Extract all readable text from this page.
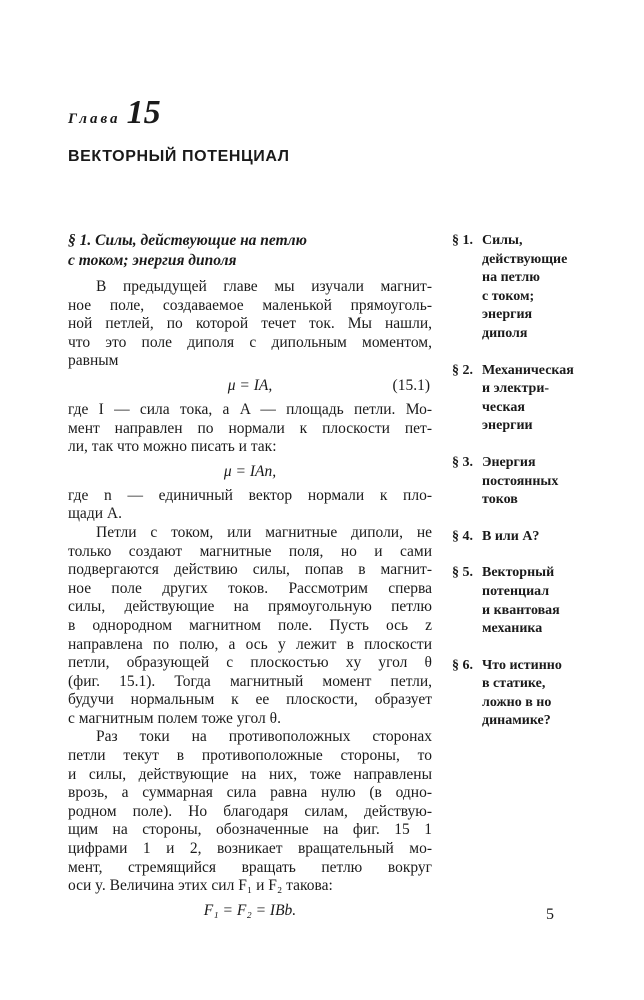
Глава 15
ВЕКТОРНЫЙ ПОТЕНЦИАЛ
§ 1. Силы, действующие на петлю
с током; энергия диполя
В предыдущей главе мы изучали магнит-
ное поле, создаваемое маленькой прямоуголь-
ной петлей, по которой течет ток. Мы нашли,
что это поле диполя с дипольным моментом,
равным
μ = IA,	(15.1)
где I — сила тока, а A — площадь петли. Мо-
мент направлен по нормали к плоскости пет-
ли, так что можно писать и так:
μ = IAn,
где n — единичный вектор нормали к пло-
щади A.
Петли с током, или магнитные диполи, не
только создают магнитные поля, но и сами
подвергаются действию силы, попав в магнит-
ное поле других токов. Рассмотрим сперва
силы, действующие на прямоугольную петлю
в однородном магнитном поле. Пусть ось z
направлена по полю, а ось y лежит в плоскости
петли, образующей с плоскостью xy угол θ
(фиг. 15.1). Тогда магнитный момент петли,
будучи нормальным к ее плоскости, образует
с магнитным полем тоже угол θ.
Раз токи на противоположных сторонах
петли текут в противоположные стороны, то
и силы, действующие на них, тоже направлены
врозь, а суммарная сила равна нулю (в одно-
родном поле). Но благодаря силам, действую-
щим на стороны, обозначенные на фиг. 15 1
цифрами 1 и 2, возникает вращательный мо-
мент, стремящийся вращать петлю вокруг
оси y. Величина этих сил F₁ и F₂ такова:
F₁ = F₂ = IBb.
§ 1. Силы,
действующие
на петлю
с током;
энергия
диполя
§ 2. Механическая
и электри-
ческая
энергии
§ 3. Энергия
постоянных
токов
§ 4. B или A?
§ 5. Векторный
потенциал
и квантовая
механика
§ 6. Что истинно
в статике,
ложно в но
динамике?
5
